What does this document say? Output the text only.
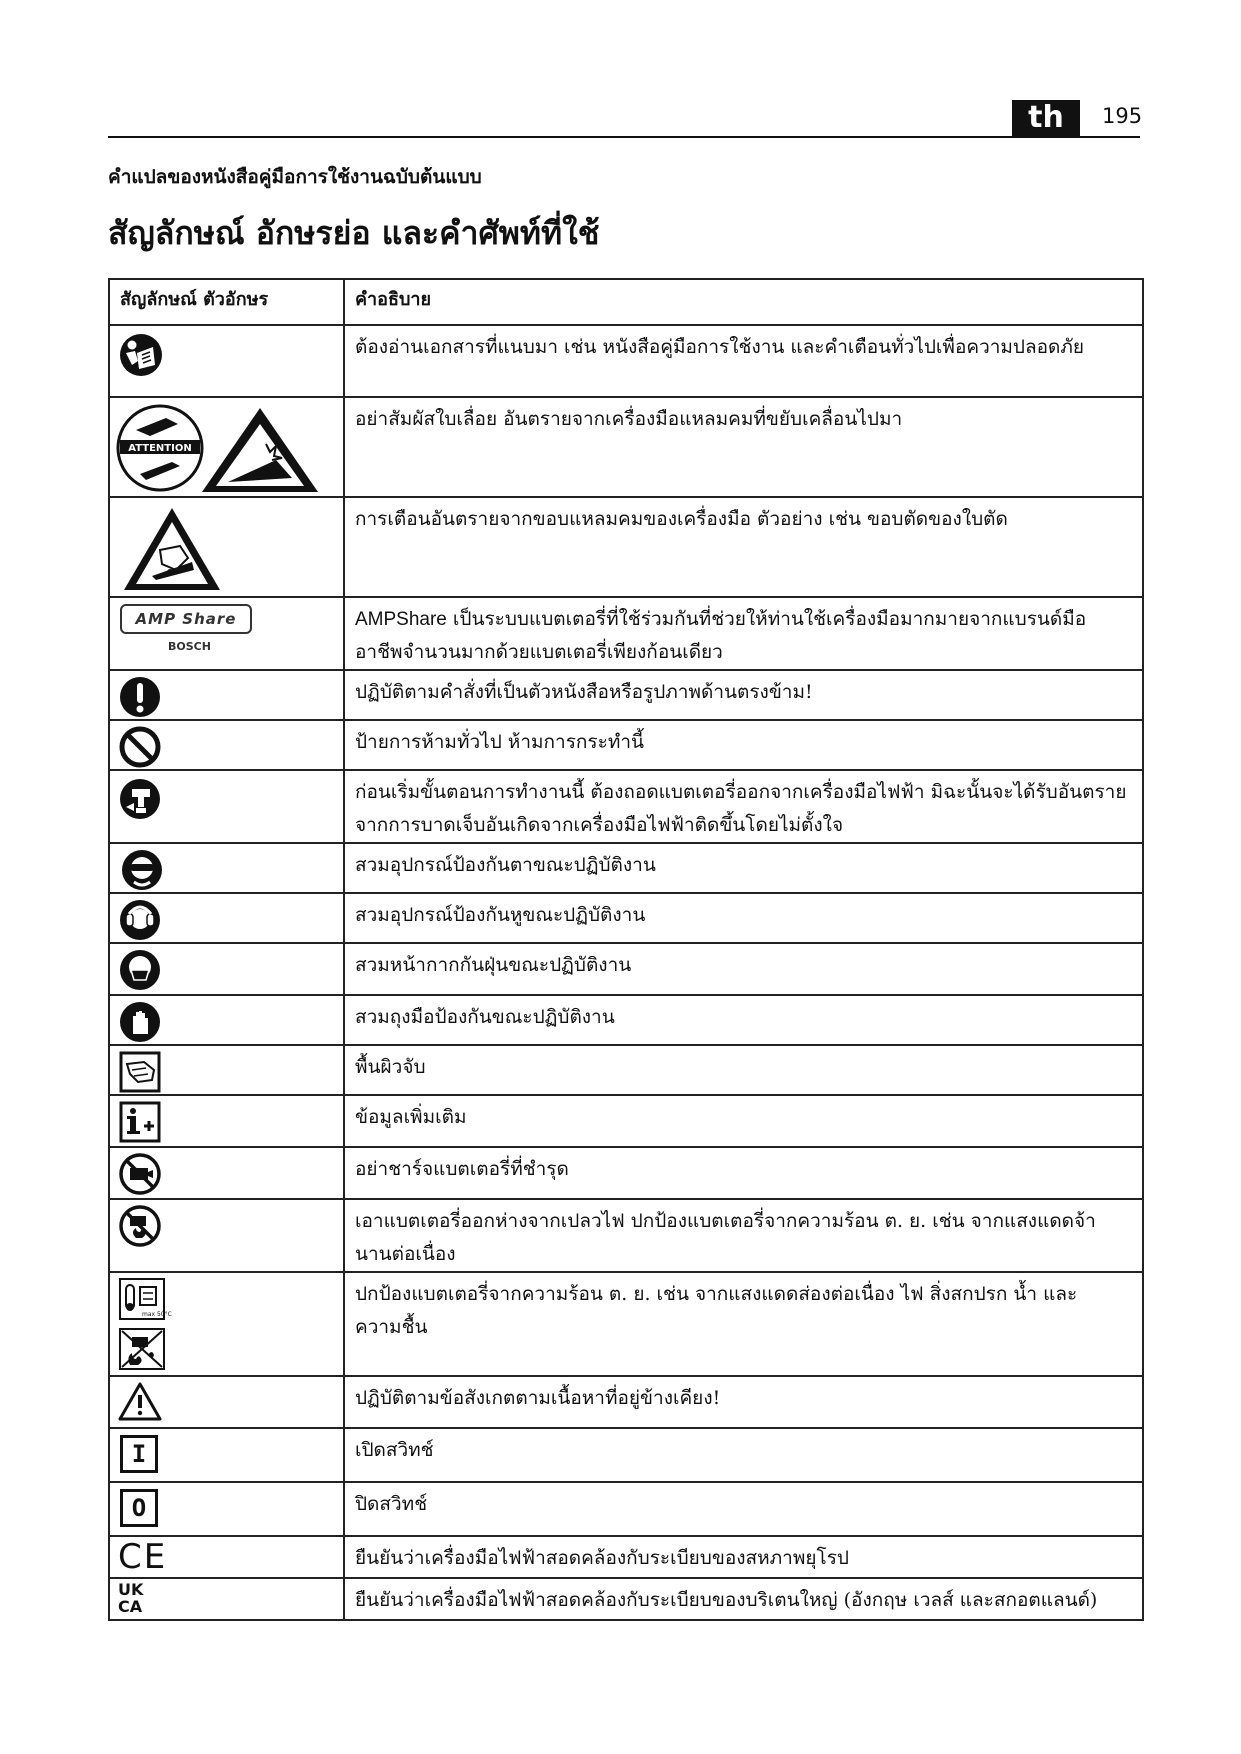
th	195
คำแปลของหนังสือคู่มือการใช้งานฉบับต้นแบบ
สัญลักษณ์ อักษรย่อ และคำศัพท์ที่ใช้
สัญลักษณ์ ตัวอักษร	คำอธิบาย

	ต้องอ่านเอกสารที่แนบมา เช่น หนังสือคู่มือการใช้งาน และคำเตือนทั่วไปเพื่อความปลอดภัย

ATTENTION	อย่าสัมผัสใบเลื่อย อันตรายจากเครื่องมือแหลมคมที่ขยับเคลื่อนไปมา

	การเตือนอันตรายจากขอบแหลมคมของเครื่องมือ ตัวอย่าง เช่น ขอบตัดของใบตัด

AMP Share
BOSCH	AMPShare เป็นระบบแบตเตอรี่ที่ใช้ร่วมกันที่ช่วยให้ท่านใช้เครื่องมือมากมายจากแบรนด์มืออาชีพจำนวนมากด้วยแบตเตอรี่เพียงก้อนเดียว

	ปฏิบัติตามคำสั่งที่เป็นตัวหนังสือหรือรูปภาพด้านตรงข้าม!

	ป้ายการห้ามทั่วไป ห้ามการกระทำนี้

	ก่อนเริ่มขั้นตอนการทำงานนี้ ต้องถอดแบตเตอรี่ออกจากเครื่องมือไฟฟ้า มิฉะนั้นจะได้รับอันตรายจากการบาดเจ็บอันเกิดจากเครื่องมือไฟฟ้าติดขึ้นโดยไม่ตั้งใจ

	สวมอุปกรณ์ป้องกันตาขณะปฏิบัติงาน

	สวมอุปกรณ์ป้องกันหูขณะปฏิบัติงาน

	สวมหน้ากากกันฝุ่นขณะปฏิบัติงาน

	สวมถุงมือป้องกันขณะปฏิบัติงาน

	พื้นผิวจับ

	ข้อมูลเพิ่มเติม

	อย่าชาร์จแบตเตอรี่ที่ชำรุด

	เอาแบตเตอรี่ออกห่างจากเปลวไฟ ปกป้องแบตเตอรี่จากความร้อน ต. ย. เช่น จากแสงแดดจ้านานต่อเนื่อง

max 50°C	ปกป้องแบตเตอรี่จากความร้อน ต. ย. เช่น จากแสงแดดส่องต่อเนื่อง ไฟ สิ่งสกปรก น้ำ และความชื้น

	ปฏิบัติตามข้อสังเกตตามเนื้อหาที่อยู่ข้างเคียง!

I	เปิดสวิทช์

O	ปิดสวิทช์

CE	ยืนยันว่าเครื่องมือไฟฟ้าสอดคล้องกับระเบียบของสหภาพยุโรป

UK
CA	ยืนยันว่าเครื่องมือไฟฟ้าสอดคล้องกับระเบียบของบริเตนใหญ่ (อังกฤษ เวลส์ และสกอตแลนด์)
